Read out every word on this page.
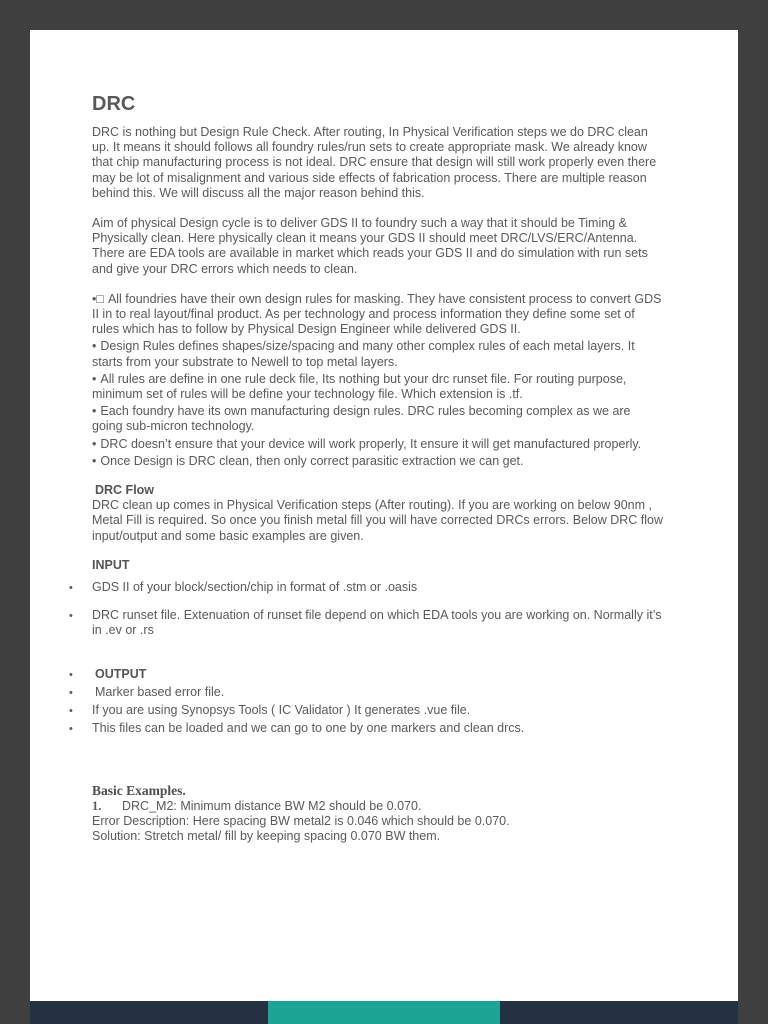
DRC

DRC is nothing but Design Rule Check. After routing, In Physical Verification steps we do DRC clean up. It means it should follows all foundry rules/run sets to create appropriate mask. We already know that chip manufacturing process is not ideal. DRC ensure that design will still work properly even there may be lot of misalignment and various side effects of fabrication process. There are multiple reason behind this. We will discuss all the major reason behind this.

Aim of physical Design cycle is to deliver GDS II to foundry such a way that it should be Timing & Physically clean. Here physically clean it means your GDS II should meet DRC/LVS/ERC/Antenna. There are EDA tools are available in market which reads your GDS II and do simulation with run sets and give your DRC errors which needs to clean.

•□ All foundries have their own design rules for masking. They have consistent process to convert GDS II in to real layout/final product. As per technology and process information they define some set of rules which has to follow by Physical Design Engineer while delivered GDS II.

• Design Rules defines shapes/size/spacing and many other complex rules of each metal layers. It starts from your substrate to Newell to top metal layers.

• All rules are define in one rule deck file, Its nothing but your drc runset file. For routing purpose, minimum set of rules will be define your technology file. Which extension is .tf.

• Each foundry have its own manufacturing design rules. DRC rules becoming complex as we are going sub-micron technology.

• DRC doesn’t ensure that your device will work properly, It ensure it will get manufactured properly.

• Once Design is DRC clean, then only correct parasitic extraction we can get.

DRC Flow

DRC clean up comes in Physical Verification steps (After routing). If you are working on below 90nm , Metal Fill is required. So once you finish metal fill you will have corrected DRCs errors. Below DRC flow input/output and some basic examples are given.

INPUT
• GDS II of your block/section/chip in format of .stm or .oasis

• DRC runset file. Extenuation of runset file depend on which EDA tools you are working on. Normally it’s in .ev or .rs

• OUTPUT
• Marker based error file.

• If you are using Synopsys Tools ( IC Validator ) It generates .vue file.

• This files can be loaded and we can go to one by one markers and clean drcs.

Basic Examples.

1. DRC_M2: Minimum distance BW M2 should be 0.070.

Error Description: Here spacing BW metal2 is 0.046 which should be 0.070.

Solution: Stretch metal/ fill by keeping spacing 0.070 BW them.
